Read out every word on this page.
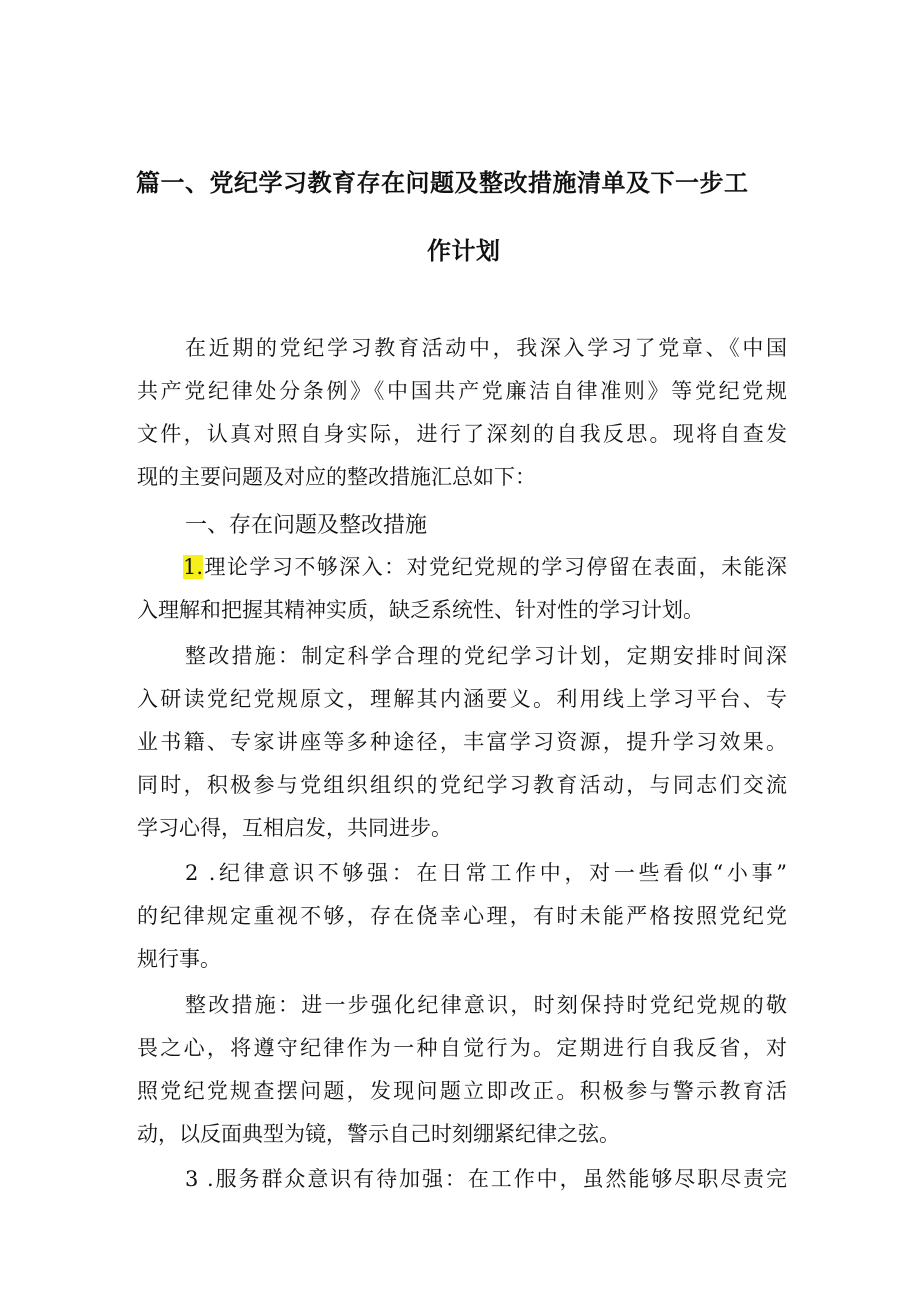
篇一、党纪学习教育存在问题及整改措施清单及下一步工
作计划
在近期的党纪学习教育活动中，我深入学习了党章、《中国
共产党纪律处分条例》《中国共产党廉洁自律准则》等党纪党规
文件，认真对照自身实际，进行了深刻的自我反思。现将自查发
现的主要问题及对应的整改措施汇总如下：
一、存在问题及整改措施
1.理论学习不够深入：对党纪党规的学习停留在表面，未能深
入理解和把握其精神实质，缺乏系统性、针对性的学习计划。
整改措施：制定科学合理的党纪学习计划，定期安排时间深
入研读党纪党规原文，理解其内涵要义。利用线上学习平台、专
业书籍、专家讲座等多种途径，丰富学习资源，提升学习效果。
同时，积极参与党组织组织的党纪学习教育活动，与同志们交流
学习心得，互相启发，共同进步。
2 .纪律意识不够强：在日常工作中，对一些看似“小事”
的纪律规定重视不够，存在侥幸心理，有时未能严格按照党纪党
规行事。
整改措施：进一步强化纪律意识，时刻保持时党纪党规的敬
畏之心，将遵守纪律作为一种自觉行为。定期进行自我反省，对
照党纪党规查摆问题，发现问题立即改正。积极参与警示教育活
动，以反面典型为镜，警示自己时刻绷紧纪律之弦。
3 .服务群众意识有待加强：在工作中，虽然能够尽职尽责完
